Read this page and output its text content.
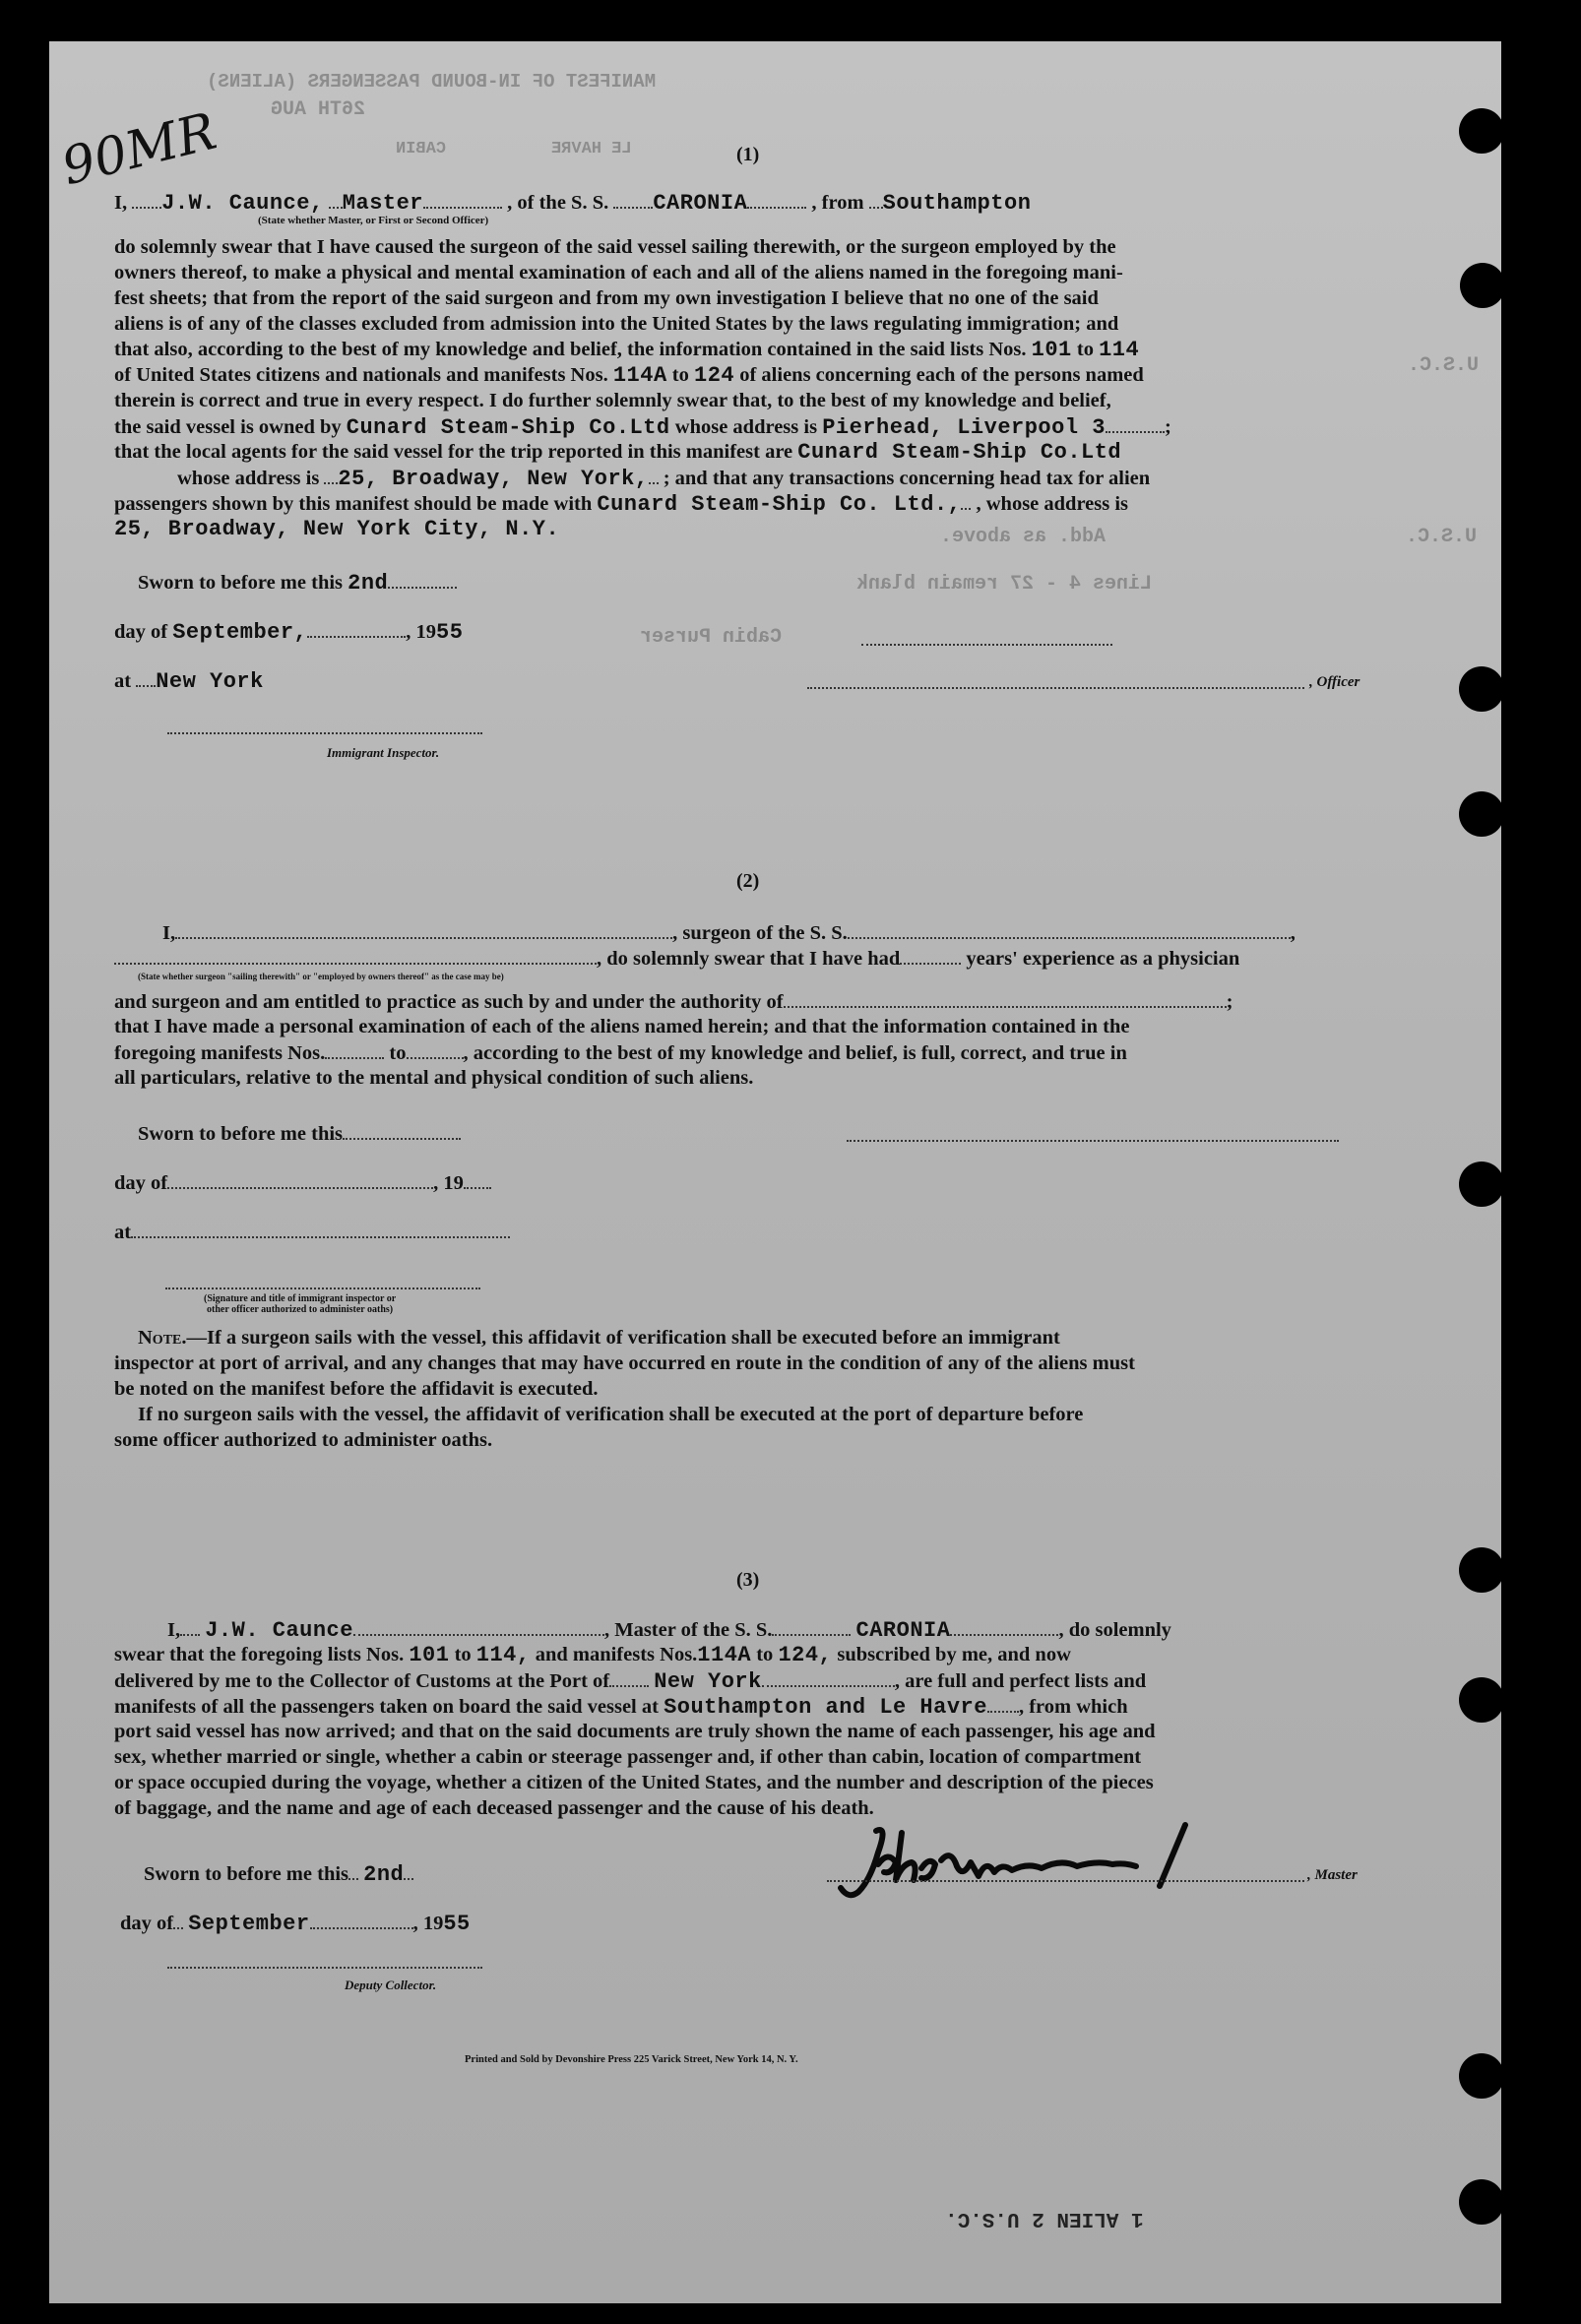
MANIFEST OF IN-BOUND PASSENGERS (ALIENS)
26TH AUG
CABIN	LE HAVRE
90MR	(1)
I, J.W. Caunce, Master	, of the S. S. CARONIA	, from Southampton
(State whether Master, or First or Second Officer)
do solemnly swear that I have caused the surgeon of the said vessel sailing therewith, or the surgeon employed by the
owners thereof, to make a physical and mental examination of each and all of the aliens named in the foregoing mani-
fest sheets; that from the report of the said surgeon and from my own investigation I believe that no one of the said
aliens is of any of the classes excluded from admission into the United States by the laws regulating immigration; and
that also, according to the best of my knowledge and belief, the information contained in the said lists Nos. 101 to 114
of United States citizens and nationals and manifests Nos. 114A to 124 of aliens concerning each of the persons named
therein is correct and true in every respect. I do further solemnly swear that, to the best of my knowledge and belief,
the said vessel is owned by Cunard Steam-Ship Co.Ltd whose address is Pierhead, Liverpool 3	;
that the local agents for the said vessel for the trip reported in this manifest are Cunard Steam-Ship Co.Ltd
whose address is 25, Broadway, New York, ; and that any transactions concerning head tax for alien
passengers shown by this manifest should be made with Cunard Steam-Ship Co. Ltd., , whose address is
25, Broadway, New York City, N.Y.	Add. as above.
U.S.C.
U.S.C.
Sworn to before me this 2nd	Lines 4 - 27 remain blank
day of September,	, 1955	Cabin Purser
at New York	, Officer
Immigrant Inspector.
(2)
I,	, surgeon of the S. S.	,
, do solemnly swear that I have had	years' experience as a physician
(State whether surgeon "sailing therewith" or "employed by owners thereof" as the case may be)
and surgeon and am entitled to practice as such by and under the authority of	;
that I have made a personal examination of each of the aliens named herein; and that the information contained in the
foregoing manifests Nos.	to	, according to the best of my knowledge and belief, is full, correct, and true in
all particulars, relative to the mental and physical condition of such aliens.
Sworn to before me this
day of	, 19
at
(Signature and title of immigrant inspector or
other officer authorized to administer oaths)
Note.—If a surgeon sails with the vessel, this affidavit of verification shall be executed before an immigrant
inspector at port of arrival, and any changes that may have occurred en route in the condition of any of the aliens must
be noted on the manifest before the affidavit is executed.
If no surgeon sails with the vessel, the affidavit of verification shall be executed at the port of departure before
some officer authorized to administer oaths.
(3)
I, J.W. Caunce	, Master of the S. S.	CARONIA	, do solemnly
swear that the foregoing lists Nos. 101 to 114, and manifests Nos.114A to 124, subscribed by me, and now
delivered by me to the Collector of Customs at the Port of New York	, are full and perfect lists and
manifests of all the passengers taken on board the said vessel at Southampton and Le Havre , from which
port said vessel has now arrived; and that on the said documents are truly shown the name of each passenger, his age and
sex, whether married or single, whether a cabin or steerage passenger and, if other than cabin, location of compartment
or space occupied during the voyage, whether a citizen of the United States, and the number and description of the pieces
of baggage, and the name and age of each deceased passenger and the cause of his death.
Sworn to before me this 2nd	, Master
day of September	, 1955
Deputy Collector.
Printed and Sold by Devonshire Press 225 Varick Street, New York 14, N. Y.
1 ALIEN 2 U.S.C.
